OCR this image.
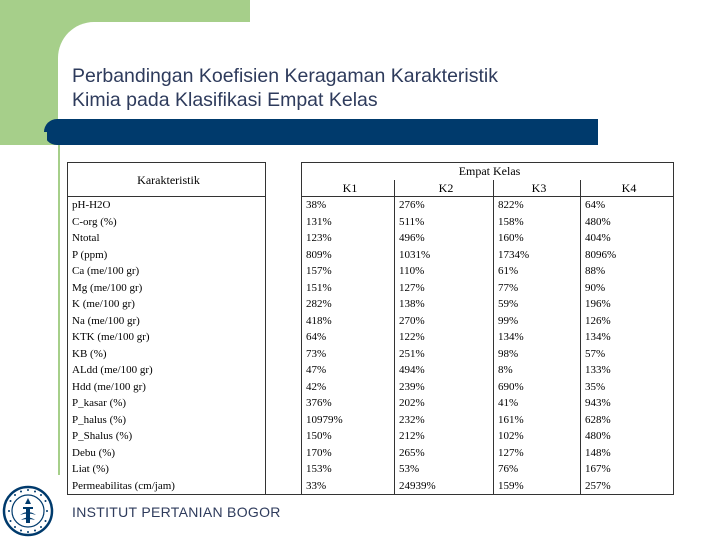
Perbandingan Koefisien Keragaman Karakteristik
Kimia pada Klasifikasi Empat Kelas
Karakteristik		Empat Kelas			
		K1	K2	K3	K4
pH-H2O		38%	276%	822%	64%
C-org (%)		131%	511%	158%	480%
Ntotal		123%	496%	160%	404%
P (ppm)		809%	1031%	1734%	8096%
Ca (me/100 gr)		157%	110%	61%	88%
Mg (me/100 gr)		151%	127%	77%	90%
K (me/100 gr)		282%	138%	59%	196%
Na (me/100 gr)		418%	270%	99%	126%
KTK (me/100 gr)		64%	122%	134%	134%
KB (%)		73%	251%	98%	57%
ALdd (me/100 gr)		47%	494%	8%	133%
Hdd (me/100 gr)		42%	239%	690%	35%
P_kasar (%)		376%	202%	41%	943%
P_halus (%)		10979%	232%	161%	628%
P_Shalus (%)		150%	212%	102%	480%
Debu (%)		170%	265%	127%	148%
Liat (%)		153%	53%	76%	167%
Permeabilitas (cm/jam)		33%	24939%	159%	257%
INSTITUT PERTANIAN BOGOR
